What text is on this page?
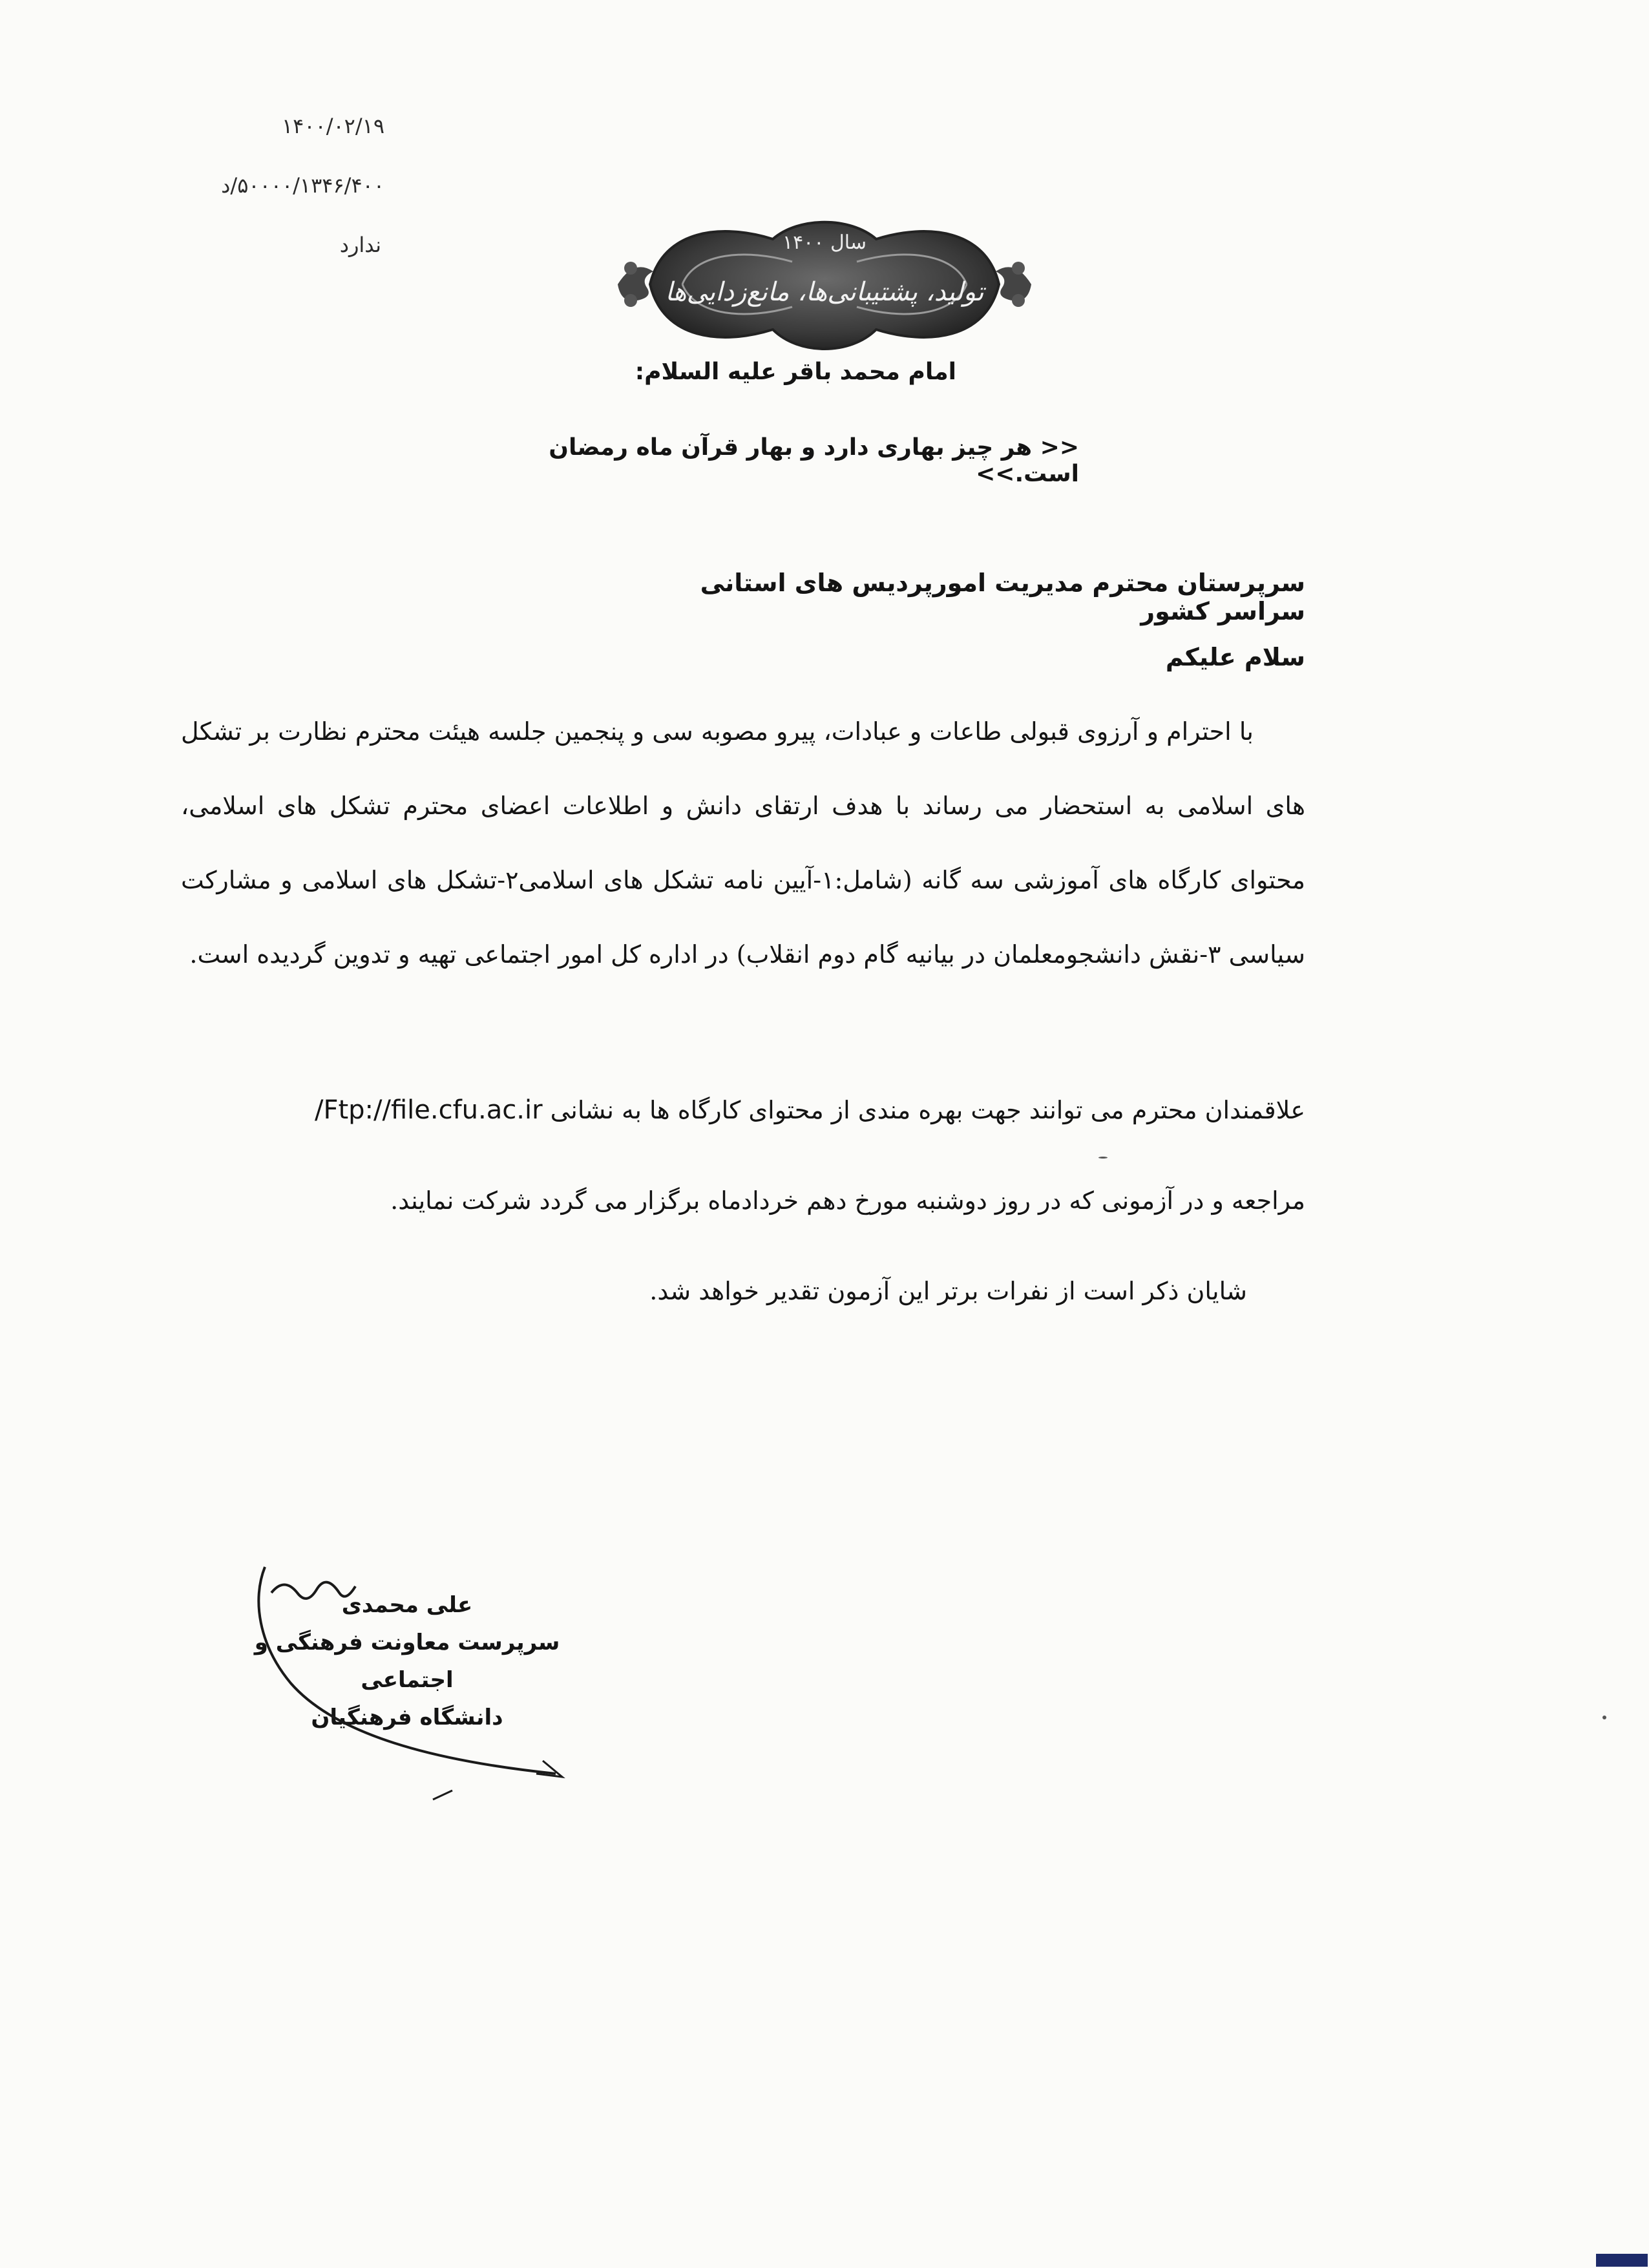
۱۴۰۰/۰۲/۱۹
۵۰۰۰۰/۱۳۴۶/۴۰۰/د
ندارد	سال ۱۴۰۰
تولید، پشتیبانی‌ها، مانع‌زدایی‌ها
امام محمد باقر علیه السلام:
<< هر چیز بهاری دارد و بهار قرآن ماه رمضان است.>>
سرپرستان محترم مدیریت امورپردیس های استانی سراسر کشور
سلام علیکم
با احترام و آرزوی قبولی طاعات و عبادات، پیرو مصوبه سی و پنجمین جلسه هیئت محترم نظارت بر تشکل های اسلامی به استحضار می رساند با هدف ارتقای دانش و اطلاعات اعضای محترم تشکل های اسلامی، محتوای کارگاه های آموزشی سه گانه (شامل:۱-آیین نامه تشکل های اسلامی۲-تشکل های اسلامی و مشارکت سیاسی ۳-نقش دانشجومعلمان در بیانیه گام دوم انقلاب) در اداره کل امور اجتماعی تهیه و تدوین گردیده است.
علاقمندان محترم می توانند جهت بهره مندی از محتوای کارگاه ها به نشانی Ftp://file.cfu.ac.ir/
مراجعه و در آزمونی که در روز دوشنبه مورخ دهم خردادماه برگزار می گردد شرکت نمایند.
شایان ذکر است از نفرات برتر این آزمون تقدیر خواهد شد.
علی محمدی
سرپرست معاونت فرهنگی و اجتماعی
دانشگاه فرهنگیان
